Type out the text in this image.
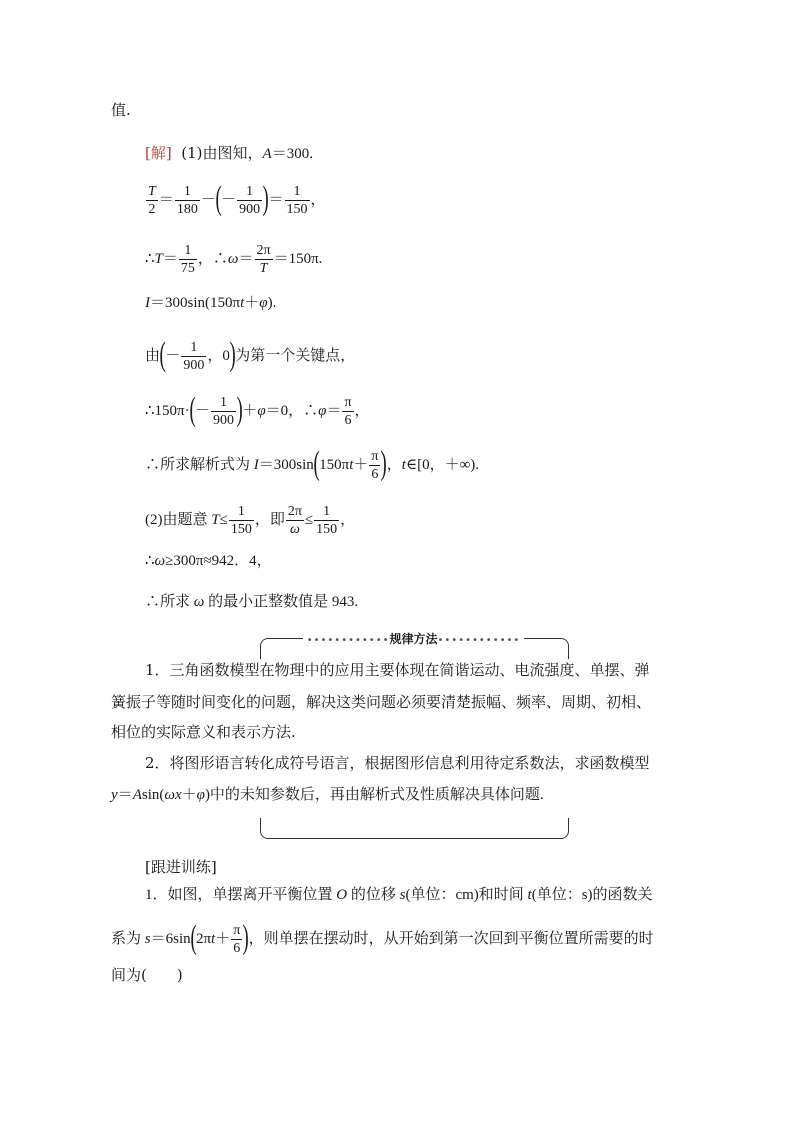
值.
[解] (1)由图知，A＝300.
$\frac{T}{2} = \frac{1}{180}$ －(－ $\frac{1}{900}$ )＝ $\frac{1}{150}$ ，
∴T＝ $\frac{1}{75}$ ，∴ω＝ $\frac{2\pi}{T} =150\pi$.
I＝300sin(150πt＋φ).
由(－ $\frac{1}{900}$ ，0)为第一个关键点，
∴150π·(－ $\frac{1}{900} )+\varphi=0$，∴φ＝ $\frac{\pi}{6}$ ，
∴所求解析式为 $I=300\sin(150\pi t+ \frac{\pi}{6}$ )，t∈[0，＋∞).
(2)由题意 $T\le \frac{1}{150}$ ，即 $\frac{2\pi}{\omega} \le \frac{1}{150}$ ，
∴ω≥300π≈942．4，
∴所求 ω 的最小正整数值是 943.
••••••••••••规律方法••••••••••••
1．三角函数模型在物理中的应用主要体现在简谐运动、电流强度、单摆、弹
簧振子等随时间变化的问题，解决这类问题必须要清楚振幅、频率、周期、初相、
相位的实际意义和表示方法.
2．将图形语言转化成符号语言，根据图形信息利用待定系数法，求函数模型
y＝Asin(ωx＋φ)中的未知参数后，再由解析式及性质解决具体问题.
[跟进训练]
1．如图，单摆离开平衡位置 O 的位移 s(单位：cm)和时间 t(单位：s)的函数关
系为 $s=6\sin(2\pi t+ \frac{\pi}{6}$ )，则单摆在摆动时，从开始到第一次回到平衡位置所需要的时
间为(　　)
